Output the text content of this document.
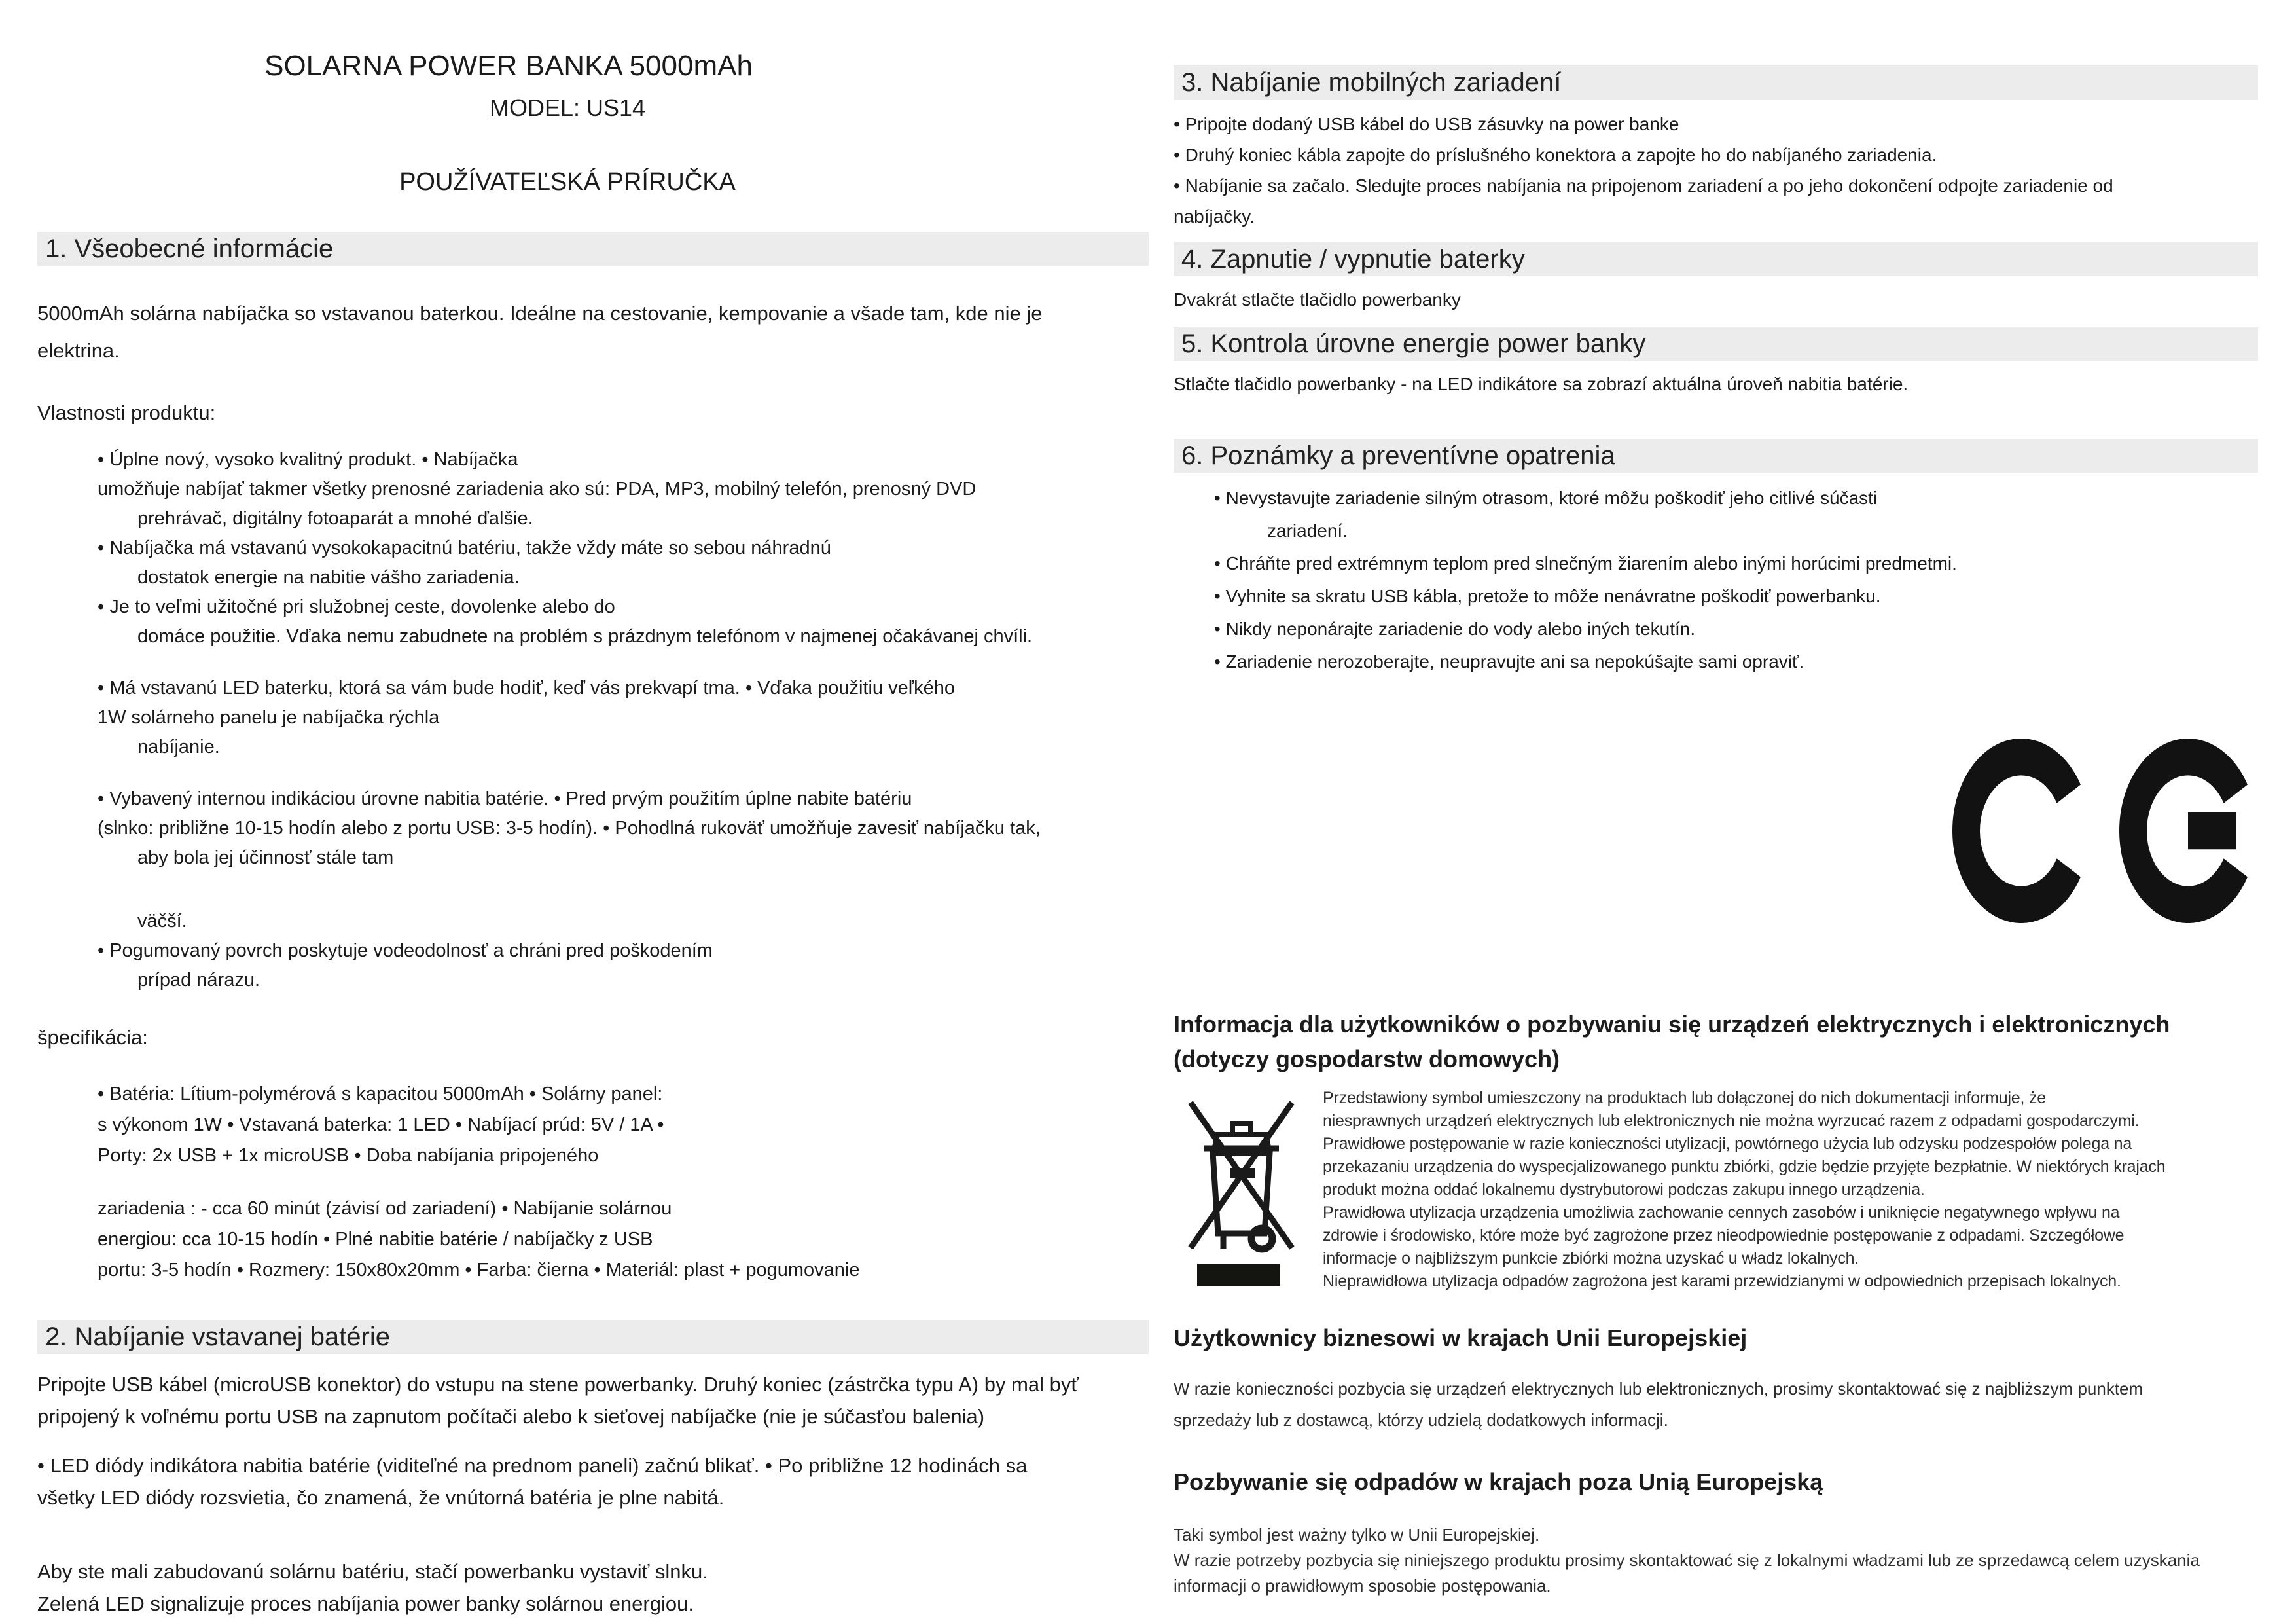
SOLARNA POWER BANKA 5000mAh
MODEL: US14
POUŽÍVATEĽSKÁ PRÍRUČKA
1. Všeobecné informácie
5000mAh solárna nabíjačka so vstavanou baterkou. Ideálne na cestovanie, kempovanie a všade tam, kde nie je
elektrina.
Vlastnosti produktu:
• Úplne nový, vysoko kvalitný produkt. • Nabíjačka
umožňuje nabíjať takmer všetky prenosné zariadenia ako sú: PDA, MP3, mobilný telefón, prenosný DVD
prehrávač, digitálny fotoaparát a mnohé ďalšie.
• Nabíjačka má vstavanú vysokokapacitnú batériu, takže vždy máte so sebou náhradnú
dostatok energie na nabitie vášho zariadenia.
• Je to veľmi užitočné pri služobnej ceste, dovolenke alebo do
domáce použitie. Vďaka nemu zabudnete na problém s prázdnym telefónom v najmenej očakávanej chvíli.
• Má vstavanú LED baterku, ktorá sa vám bude hodiť, keď vás prekvapí tma. • Vďaka použitiu veľkého
1W solárneho panelu je nabíjačka rýchla
nabíjanie.
• Vybavený internou indikáciou úrovne nabitia batérie. • Pred prvým použitím úplne nabite batériu
(slnko: približne 10-15 hodín alebo z portu USB: 3-5 hodín). • Pohodlná rukoväť umožňuje zavesiť nabíjačku tak,
aby bola jej účinnosť stále tam
väčší.
• Pogumovaný povrch poskytuje vodeodolnosť a chráni pred poškodením
prípad nárazu.
špecifikácia:
• Batéria: Lítium-polymérová s kapacitou 5000mAh • Solárny panel:
s výkonom 1W • Vstavaná baterka: 1 LED • Nabíjací prúd: 5V / 1A •
Porty: 2x USB + 1x microUSB • Doba nabíjania pripojeného
zariadenia : - cca 60 minút (závisí od zariadení) • Nabíjanie solárnou
energiou: cca 10-15 hodín • Plné nabitie batérie / nabíjačky z USB
portu: 3-5 hodín • Rozmery: 150x80x20mm • Farba: čierna • Materiál: plast + pogumovanie
2. Nabíjanie vstavanej batérie
Pripojte USB kábel (microUSB konektor) do vstupu na stene powerbanky. Druhý koniec (zástrčka typu A) by mal byť
pripojený k voľnému portu USB na zapnutom počítači alebo k sieťovej nabíjačke (nie je súčasťou balenia)
• LED diódy indikátora nabitia batérie (viditeľné na prednom paneli) začnú blikať. • Po približne 12 hodinách sa
všetky LED diódy rozsvietia, čo znamená, že vnútorná batéria je plne nabitá.
Aby ste mali zabudovanú solárnu batériu, stačí powerbanku vystaviť slnku.
Zelená LED signalizuje proces nabíjania power banky solárnou energiou.
3. Nabíjanie mobilných zariadení
• Pripojte dodaný USB kábel do USB zásuvky na power banke
• Druhý koniec kábla zapojte do príslušného konektora a zapojte ho do nabíjaného zariadenia.
• Nabíjanie sa začalo. Sledujte proces nabíjania na pripojenom zariadení a po jeho dokončení odpojte zariadenie od
nabíjačky.
4. Zapnutie / vypnutie baterky
Dvakrát stlačte tlačidlo powerbanky
5. Kontrola úrovne energie power banky
Stlačte tlačidlo powerbanky - na LED indikátore sa zobrazí aktuálna úroveň nabitia batérie.
6. Poznámky a preventívne opatrenia
• Nevystavujte zariadenie silným otrasom, ktoré môžu poškodiť jeho citlivé súčasti
zariadení.
• Chráňte pred extrémnym teplom pred slnečným žiarením alebo inými horúcimi predmetmi.
• Vyhnite sa skratu USB kábla, pretože to môže nenávratne poškodiť powerbanku.
• Nikdy neponárajte zariadenie do vody alebo iných tekutín.
• Zariadenie nerozoberajte, neupravujte ani sa nepokúšajte sami opraviť.
Informacja dla użytkowników o pozbywaniu się urządzeń elektrycznych i elektronicznych
(dotyczy gospodarstw domowych)
Przedstawiony symbol umieszczony na produktach lub dołączonej do nich dokumentacji informuje, że
niesprawnych urządzeń elektrycznych lub elektronicznych nie można wyrzucać razem z odpadami gospodarczymi.
Prawidłowe postępowanie w razie konieczności utylizacji, powtórnego użycia lub odzysku podzespołów polega na
przekazaniu urządzenia do wyspecjalizowanego punktu zbiórki, gdzie będzie przyjęte bezpłatnie. W niektórych krajach
produkt można oddać lokalnemu dystrybutorowi podczas zakupu innego urządzenia.
Prawidłowa utylizacja urządzenia umożliwia zachowanie cennych zasobów i uniknięcie negatywnego wpływu na
zdrowie i środowisko, które może być zagrożone przez nieodpowiednie postępowanie z odpadami. Szczegółowe
informacje o najbliższym punkcie zbiórki można uzyskać u władz lokalnych.
Nieprawidłowa utylizacja odpadów zagrożona jest karami przewidzianymi w odpowiednich przepisach lokalnych.
Użytkownicy biznesowi w krajach Unii Europejskiej
W razie konieczności pozbycia się urządzeń elektrycznych lub elektronicznych, prosimy skontaktować się z najbliższym punktem
sprzedaży lub z dostawcą, którzy udzielą dodatkowych informacji.
Pozbywanie się odpadów w krajach poza Unią Europejską
Taki symbol jest ważny tylko w Unii Europejskiej.
W razie potrzeby pozbycia się niniejszego produktu prosimy skontaktować się z lokalnymi władzami lub ze sprzedawcą celem uzyskania
informacji o prawidłowym sposobie postępowania.
